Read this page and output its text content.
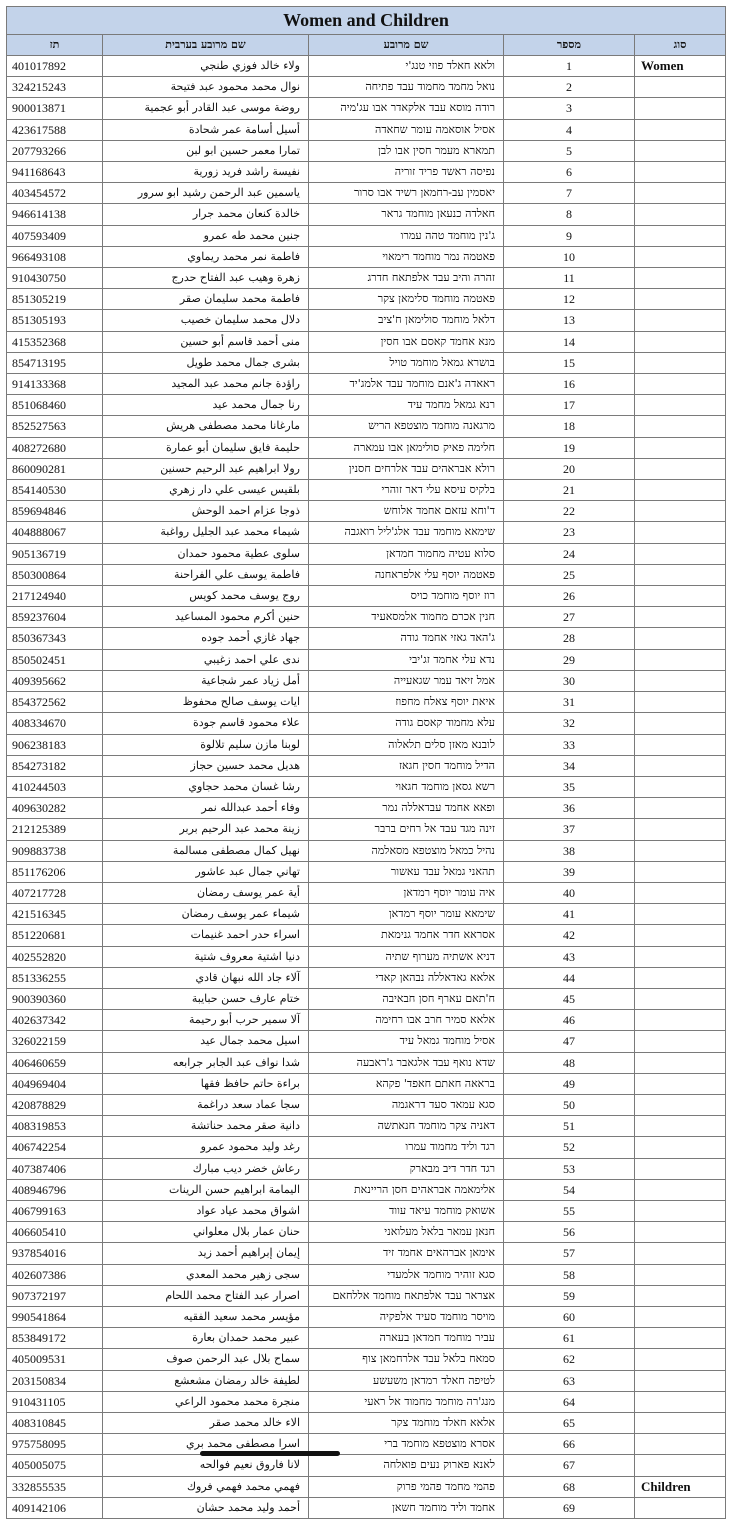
Women and Children				
תז	שם מרובע בערבית	שם מרובע	מספר	סוג
401017892	ولاء خالد فوزي طنجي	ולאא חאלד פוזי טנג'י	1	Women
324215243	نوال محمد محمود عبد فتيحة	נואל מחמד מחמוד עבד פתיחה	2	
900013871	روضة موسى عبد القادر أبو عجمية	רודה מוסא עבד אלקאדר אבו עג'מיה	3	
423617588	أسيل أسامة عمر شحادة	אסיל אוסאמה עומר שחאדה	4	
207793266	تمارا معمر حسين ابو لبن	תמארא מעמר חסין אבו לבן	5	
941168643	نفيسة راشد فريد زورية	נפיסה ראשד פריד זוריה	6	
403454572	ياسمين عبد الرحمن رشيد ابو سرور	יאסמין עב-רחמאן רשיד אבו סרור	7	
946614138	خالدة كنعان محمد جرار	חאלדה כנעאן מוחמד גראר	8	
407593409	جنين محمد طه عمرو	ג'נין מוחמד טהה עמרו	9	
966493108	فاطمة نمر محمد ريماوي	פאטמה נמר מוחמד רימאוי	10	
910430750	زهرة وهيب عبد الفتاح حدرج	זהרה והיב עבד אלפתאח חדרג	11	
851305219	فاطمة محمد سليمان صقر	פאטמה מוחמד סלימאן צקר	12	
851305193	دلال محمد سليمان خصيب	דלאל מוחמד סולימאן ח'ציב	13	
415352368	منى أحمد قاسم أبو حسين	מנא אחמד קאסם אבו חסין	14	
854713195	بشرى جمال محمد طويل	בושרא גמאל מוחמד טויל	15	
914133368	راؤدة جانم محمد عبد المجيد	ראאדה ג'אנם מוחמד עבד אלמג'יד	16	
851068460	رنا جمال محمد عيد	רנא גמאל מחמד עיד	17	
852527563	مارغانا محمد مصطفى هريش	מרגאנה מוחמד מוצטפא הריש	18	
408272680	حليمة فايق سليمان أبو عمارة	חלימה פאיק סולימאן אבו עמארה	19	
860090281	رولا ابراهيم عبد الرحيم حسنين	רולא אבראהים עבד אלרחים חסנין	20	
854140530	بلقيس عيسى علي دار زهري	בלקיס עיסא עלי דאר זוהרי	21	
859694846	ذوجا عزام احمد الوحش	ד'וחא עזאם אחמד אלוחש	22	
404888067	شيماء محمد عبد الجليل رواغبة	שימאא מוחמד עבד אלג'ליל רואגבה	23	
905136719	سلوى عطية محمود حمدان	סלוא עטיה מחמוד חמדאן	24	
850300864	فاطمة يوسف علي الفراحنة	פאטמה יוסף עלי אלפראחנה	25	
217124940	روج يوسف محمد كويس	רוז יוסף מוחמד כויס	26	
859237604	حنين أكرم محمود المساعيد	חנין אכרם מחמוד אלמסאעיד	27	
850367343	جهاد غازي أحمد جوده	ג'האד גאזי אחמד גודה	28	
850502451	ندى علي احمد زغيبي	נדא עלי אחמד זג'יבי	29	
409395662	أمل زياد عمر شجاعية	אמל זיאד עמר שגאעייה	30	
854372562	ايات يوسف صالح محفوظ	איאת יוסף צאלח מחפוז	31	
408334670	علاء محمود قاسم جودة	עלא מחמוד קאסם גודה	32	
906238183	لوبنا مازن سليم تلالوة	לובנא מאזן סלים תלאלוה	33	
854273182	هديل محمد حسين حجاز	הדיל מוחמד חסין חגאז	34	
410244503	رشا غسان محمد حجاوي	רשא גסאן מוחמד חגאוי	35	
409630282	وفاء أحمد عبدالله نمر	ופאא אחמד עבדאללה נמר	36	
212125389	زينة محمد عبد الرحيم بربر	זינה מגד עבד אל רחים ברבר	37	
909883738	نهيل كمال مصطفى مسالمة	נהיל כמאל מוצטפא מסאלמה	38	
851176206	تهاني جمال عبد عاشور	תהאני גמאל עבד עאשור	39	
407217728	أية عمر يوسف رمضان	איה עומר יוסף רמדאן	40	
421516345	شيماء عمر يوسف رمضان	שימאא עומר יוסף רמדאן	41	
851220681	اسراء حدر احمد غنيمات	אסראא חדר אחמד גנימאת	42	
402552820	دنيا اشتية معروف شتية	דניא אשתיה מערוף שתיה	43	
851336255	آلاء جاد الله نبهان قادي	אלאא גאדאללה נבהאן קאדי	44	
900390360	ختام عارف حسن حبايبة	ח'תאם עארף חסן חבאיבה	45	
402637342	آلا سمير حرب أبو رحيمة	אלאא סמיר חרב אבו רחימה	46	
326022159	اسيل محمد جمال عيد	אסיל מוחמד גמאל עיד	47	
406460659	شدا نواف عبد الجابر جرابعه	שדא נואף עבד אלגאבר ג'ראבעה	48	
404969404	براءة حاتم حافظ فقها	בראאה חאתם חאפד' פקהא	49	
420878829	سجا عماد سعد دراغمة	סגא עמאד סעד דראגמה	50	
408319853	دانية صقر محمد حناتشة	דאניה צקר מוחמד חנאתשה	51	
406742254	رغد وليد محمود عمرو	רגד וליד מחמוד עמרו	52	
407387406	رعاش خضر ديب مبارك	רגד חדר דיב מבארק	53	
408946796	اليمامة ابراهيم حسن الرينات	אלימאמה אבראהים חסן הריינאת	54	
406799163	اشواق محمد عياد عواد	אשואק מוחמד עיאד עווד	55	
406605410	حنان عمار بلال معلواني	חנאן עמאר בלאל מעלואני	56	
937854016	إيمان إبراهيم أحمد زيد	אימאן אברהאים אחמד זיד	57	
402607386	سجى زهير محمد المعدي	סגא זוהיר מוחמד אלמעדי	58	
907372197	اصرار عبد الفتاح محمد اللحام	אצראר עבד אלפתאח מוחמד אללחאם	59	
990541864	مؤيسر محمد سعيد الفقيه	מויסר מוחמד סעיד אלפקיה	60	
853849172	عبير محمد حمدان بعارة	עביר מוחמד חמדאן בעארה	61	
405009531	سماح بلال عبد الرحمن صوف	סמאח בלאל עבד אלרחמאן צוף	62	
203150834	لطيفة خالد رمضان مشعشع	לטיפה חאלד רמדאן משעשע	63	
910431105	منجرة محمد محمود الراعي	מנג'רה מוחמד מחמוד אל ראעי	64	
408310845	الاء خالد محمد صقر	אלאא חאלד מוחמד צקר	65	
975758095	اسرا مصطفى محمد بري	אסרא מוצטפא מוחמד ברי	66	
405005075	لانا فاروق نعيم فوالحه	לאנא פארוק נעים פואלחה	67	
332855535	فهمي محمد فهمي فروك	פהמי מחמד פהמי פרוק	68	Children
409142106	أحمد وليد محمد حشان	אחמד וליד מוחמד חשאן	69	
